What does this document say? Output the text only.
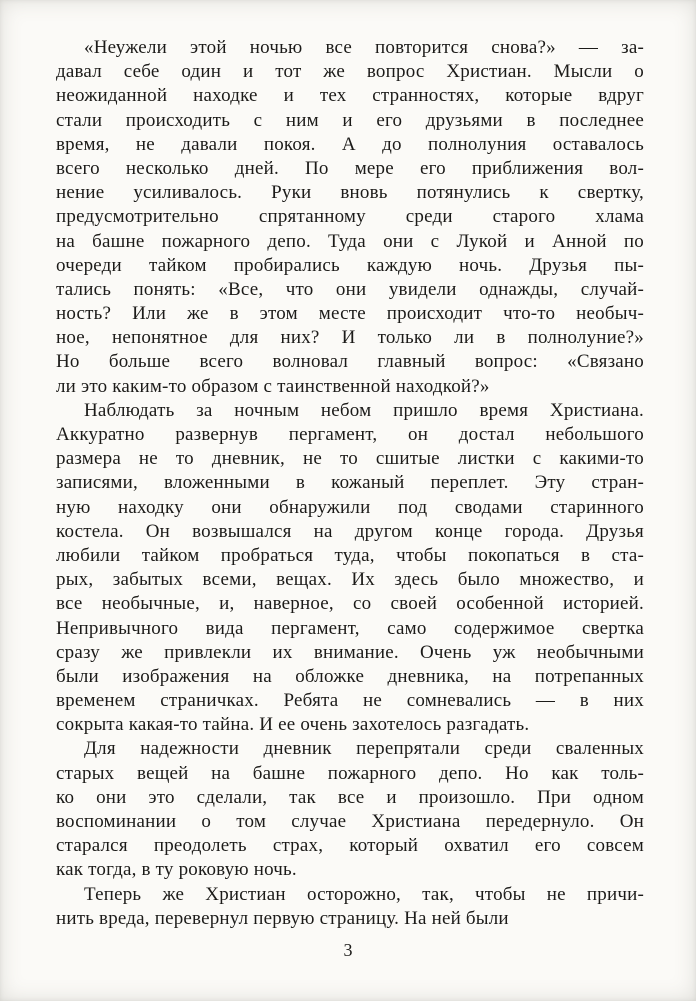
«Неужели этой ночью все повторится снова?» — за-
давал себе один и тот же вопрос Христиан. Мысли о
неожиданной находке и тех странностях, которые вдруг
стали происходить с ним и его друзьями в последнее
время, не давали покоя. А до полнолуния оставалось
всего несколько дней. По мере его приближения вол-
нение усиливалось. Руки вновь потянулись к свертку,
предусмотрительно спрятанному среди старого хлама
на башне пожарного депо. Туда они с Лукой и Анной по
очереди тайком пробирались каждую ночь. Друзья пы-
тались понять: «Все, что они увидели однажды, случай-
ность? Или же в этом месте происходит что-то необыч-
ное, непонятное для них? И только ли в полнолуние?»
Но больше всего волновал главный вопрос: «Связано
ли это каким-то образом с таинственной находкой?»
Наблюдать за ночным небом пришло время Христиана.
Аккуратно развернув пергамент, он достал небольшого
размера не то дневник, не то сшитые листки с какими-то
записями, вложенными в кожаный переплет. Эту стран-
ную находку они обнаружили под сводами старинного
костела. Он возвышался на другом конце города. Друзья
любили тайком пробраться туда, чтобы покопаться в ста-
рых, забытых всеми, вещах. Их здесь было множество, и
все необычные, и, наверное, со своей особенной историей.
Непривычного вида пергамент, само содержимое свертка
сразу же привлекли их внимание. Очень уж необычными
были изображения на обложке дневника, на потрепанных
временем страничках. Ребята не сомневались — в них
сокрыта какая-то тайна. И ее очень захотелось разгадать.
Для надежности дневник перепрятали среди сваленных
старых вещей на башне пожарного депо. Но как толь-
ко они это сделали, так все и произошло. При одном
воспоминании о том случае Христиана передернуло. Он
старался преодолеть страх, который охватил его совсем
как тогда, в ту роковую ночь.
Теперь же Христиан осторожно, так, чтобы не причи-
нить вреда, перевернул первую страницу. На ней были
3
